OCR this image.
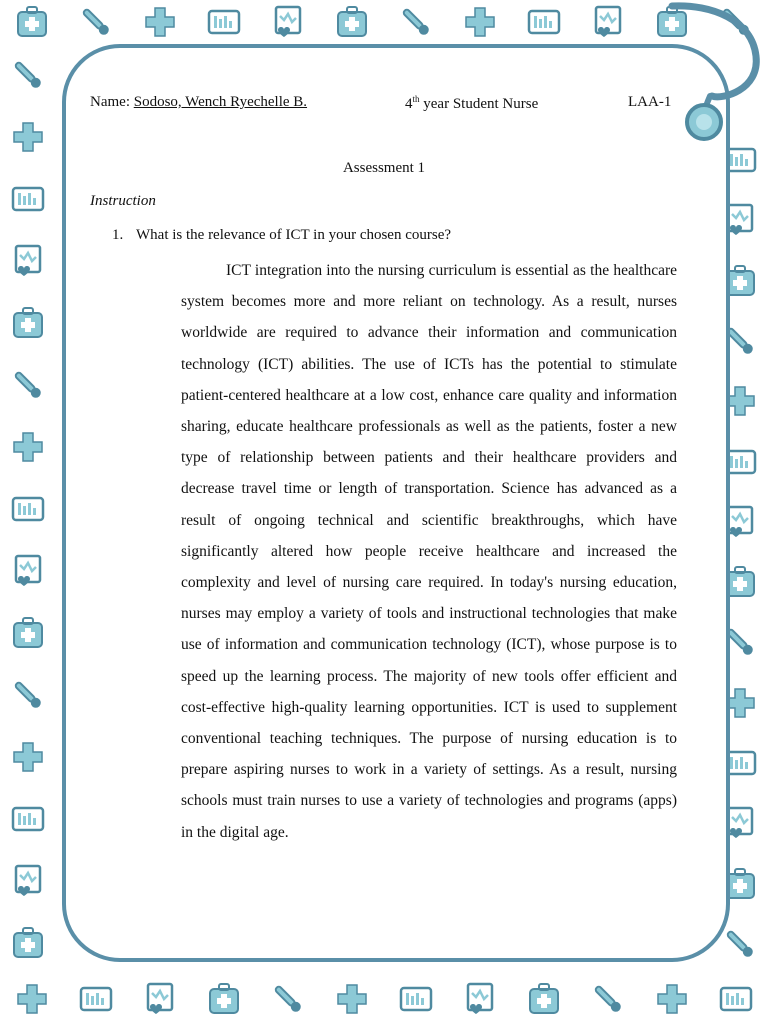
Name: Sodoso, Wench Ryechelle B.	4th year Student Nurse	LAA-1
Assessment 1
Instruction
1. What is the relevance of ICT in your chosen course?

ICT integration into the nursing curriculum is essential as the healthcare system becomes more and more reliant on technology. As a result, nurses worldwide are required to advance their information and communication technology (ICT) abilities. The use of ICTs has the potential to stimulate patient-centered healthcare at a low cost, enhance care quality and information sharing, educate healthcare professionals as well as the patients, foster a new type of relationship between patients and their healthcare providers and decrease travel time or length of transportation. Science has advanced as a result of ongoing technical and scientific breakthroughs, which have significantly altered how people receive healthcare and increased the complexity and level of nursing care required. In today's nursing education, nurses may employ a variety of tools and instructional technologies that make use of information and communication technology (ICT), whose purpose is to speed up the learning process. The majority of new tools offer efficient and cost-effective high-quality learning opportunities. ICT is used to supplement conventional teaching techniques. The purpose of nursing education is to prepare aspiring nurses to work in a variety of settings. As a result, nursing schools must train nurses to use a variety of technologies and programs (apps) in the digital age.
